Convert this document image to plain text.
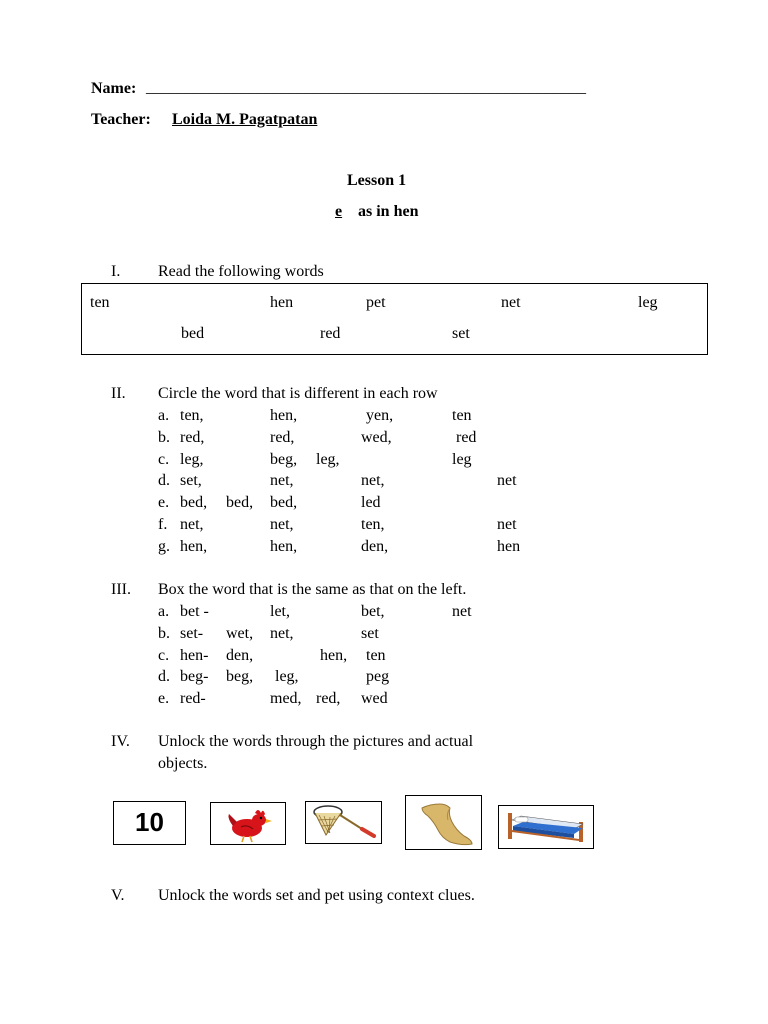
Name: _______________________________________________________
Teacher: Loida M. Pagatpatan
Lesson 1
e as in hen
I. Read the following words
ten	hen	pet	net	leg
bed	red	set
II. Circle the word that is different in each row
a. ten,	hen,	yen,	ten
b. red,	red,	wed,	red
c. leg,	beg, leg,	leg
d. set,	net,	net,	net
e. bed, bed, bed,	led
f. net,	net,	ten,	net
g. hen,	hen,	den,	hen
III. Box the word that is the same as that on the left.
a. bet -	let,	bet,	net
b. set- wet, net,	set
c. hen- den,	hen, ten
d. beg- beg, leg,	peg
e. red-	med, red, wed
IV. Unlock the words through the pictures and actual
objects.
10
V. Unlock the words set and pet using context clues.
